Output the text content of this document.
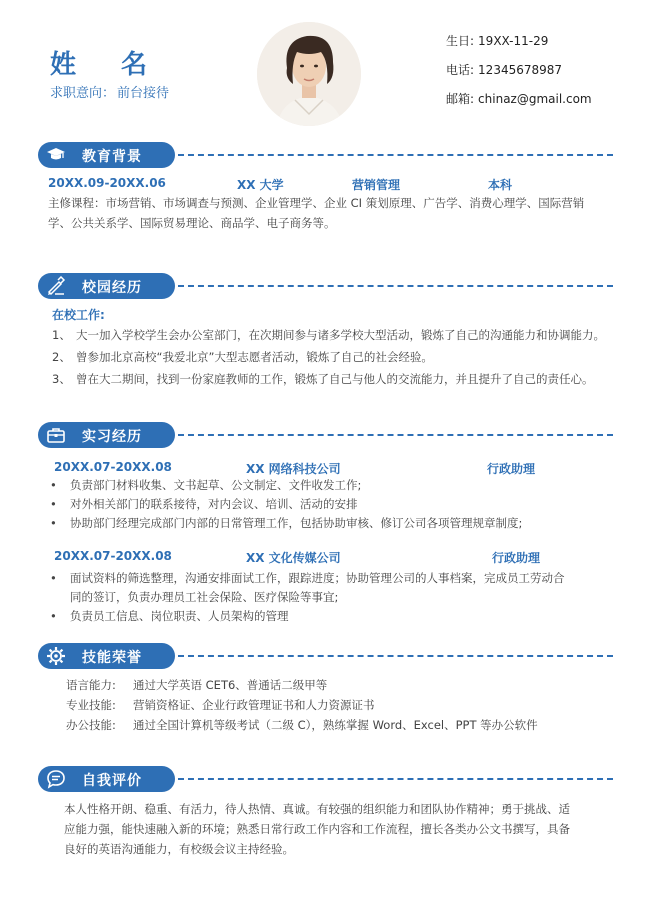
姓 名
求职意向： 前台接待
生日: 19XX-11-29
电话: 12345678987
邮箱: chinaz@gmail.com
教育背景
20XX.09-20XX.06	XX 大学	营销管理	本科
主修课程：市场营销、市场调查与预测、企业管理学、企业 CI 策划原理、广告学、消费心理学、国际营销
学、公共关系学、国际贸易理论、商品学、电子商务等。
校园经历
在校工作:
1、 大一加入学校学生会办公室部门，在次期间参与诸多学校大型活动，锻炼了自己的沟通能力和协调能力。
2、 曾参加北京高校“我爱北京”大型志愿者活动，锻炼了自己的社会经验。
3、 曾在大二期间，找到一份家庭教师的工作，锻炼了自己与他人的交流能力，并且提升了自己的责任心。
实习经历
20XX.07-20XX.08	XX 网络科技公司	行政助理
• 负责部门材料收集、文书起草、公文制定、文件收发工作;
• 对外相关部门的联系接待，对内会议、培训、活动的安排
• 协助部门经理完成部门内部的日常管理工作，包括协助审核、修订公司各项管理规章制度;
20XX.07-20XX.08	XX 文化传媒公司	行政助理
• 面试资料的筛选整理，沟通安排面试工作，跟踪进度；协助管理公司的人事档案，完成员工劳动合
同的签订，负责办理员工社会保险、医疗保险等事宜;
• 负责员工信息、岗位职责、人员架构的管理
技能荣誉
语言能力: 通过大学英语 CET6、普通话二级甲等
专业技能: 营销资格证、企业行政管理证书和人力资源证书
办公技能: 通过全国计算机等级考试（二级 C），熟练掌握 Word、Excel、PPT 等办公软件
自我评价
本人性格开朗、稳重、有活力，待人热情、真诚。有较强的组织能力和团队协作精神；勇于挑战、适
应能力强，能快速融入新的环境；熟悉日常行政工作内容和工作流程，擅长各类办公文书撰写，具备
良好的英语沟通能力，有校级会议主持经验。
